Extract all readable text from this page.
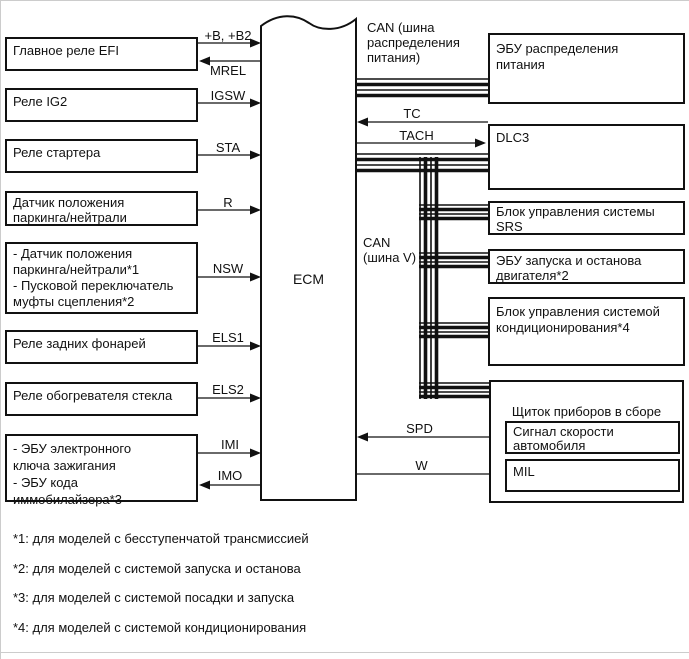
ECM
Главное реле EFI
Реле IG2
Реле стартера
Датчик положения
паркинга/нейтрали
- Датчик положения
паркинга/нейтрали*1
- Пусковой переключатель
муфты сцепления*2
Реле задних фонарей
Реле обогревателя стекла
- ЭБУ электронного
ключа зажигания
- ЭБУ кода иммобилайзера*3
ЭБУ распределения
питания
DLC3
Блок управления системы
SRS
ЭБУ запуска и останова
двигателя*2
Блок управления системой
кондиционирования*4

Щиток приборов в сборе

Сигнал скорости
автомобиля
MIL
CAN (шина
распределения
питания)
CAN
(шина V)
+B, +B2
MREL
IGSW
STA
R
NSW
ELS1
ELS2
IMI
IMO
TC
TACH
SPD
W
*1: для моделей с бесступенчатой трансмиссией
*2: для моделей с системой запуска и останова
*3: для моделей с системой посадки и запуска
*4: для моделей с системой кондиционирования
